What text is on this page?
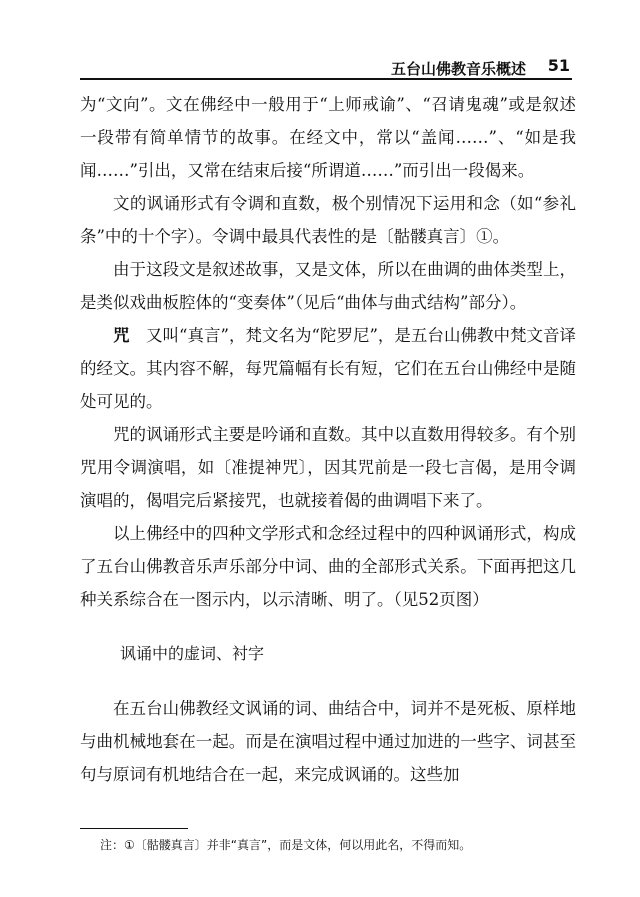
五台山佛教音乐概述 51

为“文向”。文在佛经中一般用于“上师戒谕”、“召请鬼魂”或是叙述一段带有简单情节的故事。在经文中，常以“盖闻……”、“如是我闻……”引出，又常在结束后接“所谓道……”而引出一段偈来。

文的讽诵形式有令调和直数，极个别情况下运用和念（如“参礼条”中的十个字）。令调中最具代表性的是〔骷髅真言〕①。

由于这段文是叙述故事，又是文体，所以在曲调的曲体类型上，是类似戏曲板腔体的“变奏体”（见后“曲体与曲式结构”部分）。

咒　又叫“真言”，梵文名为“陀罗尼”，是五台山佛教中梵文音译的经文。其内容不解，每咒篇幅有长有短，它们在五台山佛经中是随处可见的。

咒的讽诵形式主要是吟诵和直数。其中以直数用得较多。有个别咒用令调演唱，如〔准提神咒〕，因其咒前是一段七言偈，是用令调演唱的，偈唱完后紧接咒，也就接着偈的曲调唱下来了。

以上佛经中的四种文学形式和念经过程中的四种讽诵形式，构成了五台山佛教音乐声乐部分中词、曲的全部形式关系。下面再把这几种关系综合在一图示内，以示清晰、明了。（见52页图）

讽诵中的虚词、衬字

在五台山佛教经文讽诵的词、曲结合中，词并不是死板、原样地与曲机械地套在一起。而是在演唱过程中通过加进的一些字、词甚至句与原词有机地结合在一起，来完成讽诵的。这些加

注：①〔骷髅真言〕并非“真言”，而是文体，何以用此名，不得而知。
